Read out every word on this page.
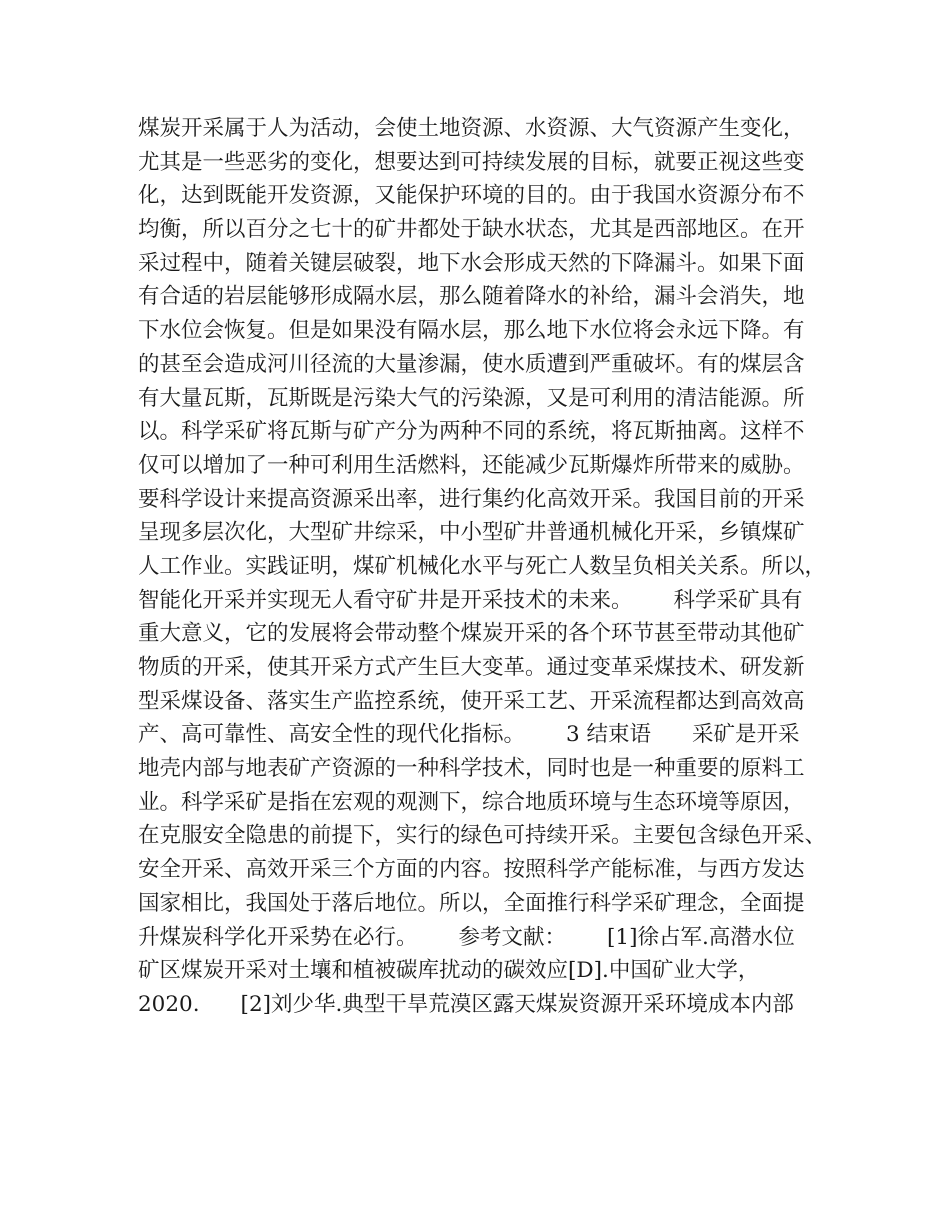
煤炭开采属于人为活动，会使土地资源、水资源、大气资源产生变化，
尤其是一些恶劣的变化，想要达到可持续发展的目标，就要正视这些变
化，达到既能开发资源，又能保护环境的目的。由于我国水资源分布不
均衡，所以百分之七十的矿井都处于缺水状态，尤其是西部地区。在开
采过程中，随着关键层破裂，地下水会形成天然的下降漏斗。如果下面
有合适的岩层能够形成隔水层，那么随着降水的补给，漏斗会消失，地
下水位会恢复。但是如果没有隔水层，那么地下水位将会永远下降。有
的甚至会造成河川径流的大量渗漏，使水质遭到严重破坏。有的煤层含
有大量瓦斯，瓦斯既是污染大气的污染源，又是可利用的清洁能源。所
以。科学采矿将瓦斯与矿产分为两种不同的系统，将瓦斯抽离。这样不
仅可以增加了一种可利用生活燃料，还能减少瓦斯爆炸所带来的威胁。
要科学设计来提高资源采出率，进行集约化高效开采。我国目前的开采
呈现多层次化，大型矿井综采，中小型矿井普通机械化开采，乡镇煤矿
人工作业。实践证明，煤矿机械化水平与死亡人数呈负相关关系。所以，
智能化开采并实现无人看守矿井是开采技术的未来。      科学采矿具有
重大意义，它的发展将会带动整个煤炭开采的各个环节甚至带动其他矿
物质的开采，使其开采方式产生巨大变革。通过变革采煤技术、研发新
型采煤设备、落实生产监控系统，使开采工艺、开采流程都达到高效高
产、高可靠性、高安全性的现代化指标。      3 结束语      采矿是开采
地壳内部与地表矿产资源的一种科学技术，同时也是一种重要的原料工
业。科学采矿是指在宏观的观测下，综合地质环境与生态环境等原因，
在克服安全隐患的前提下，实行的绿色可持续开采。主要包含绿色开采、
安全开采、高效开采三个方面的内容。按照科学产能标准，与西方发达
国家相比，我国处于落后地位。所以，全面推行科学采矿理念，全面提
升煤炭科学化开采势在必行。      参考文献：      [1]徐占军.高潜水位
矿区煤炭开采对土壤和植被碳库扰动的碳效应[D].中国矿业大学，
2020.      [2]刘少华.典型干旱荒漠区露天煤炭资源开采环境成本内部
